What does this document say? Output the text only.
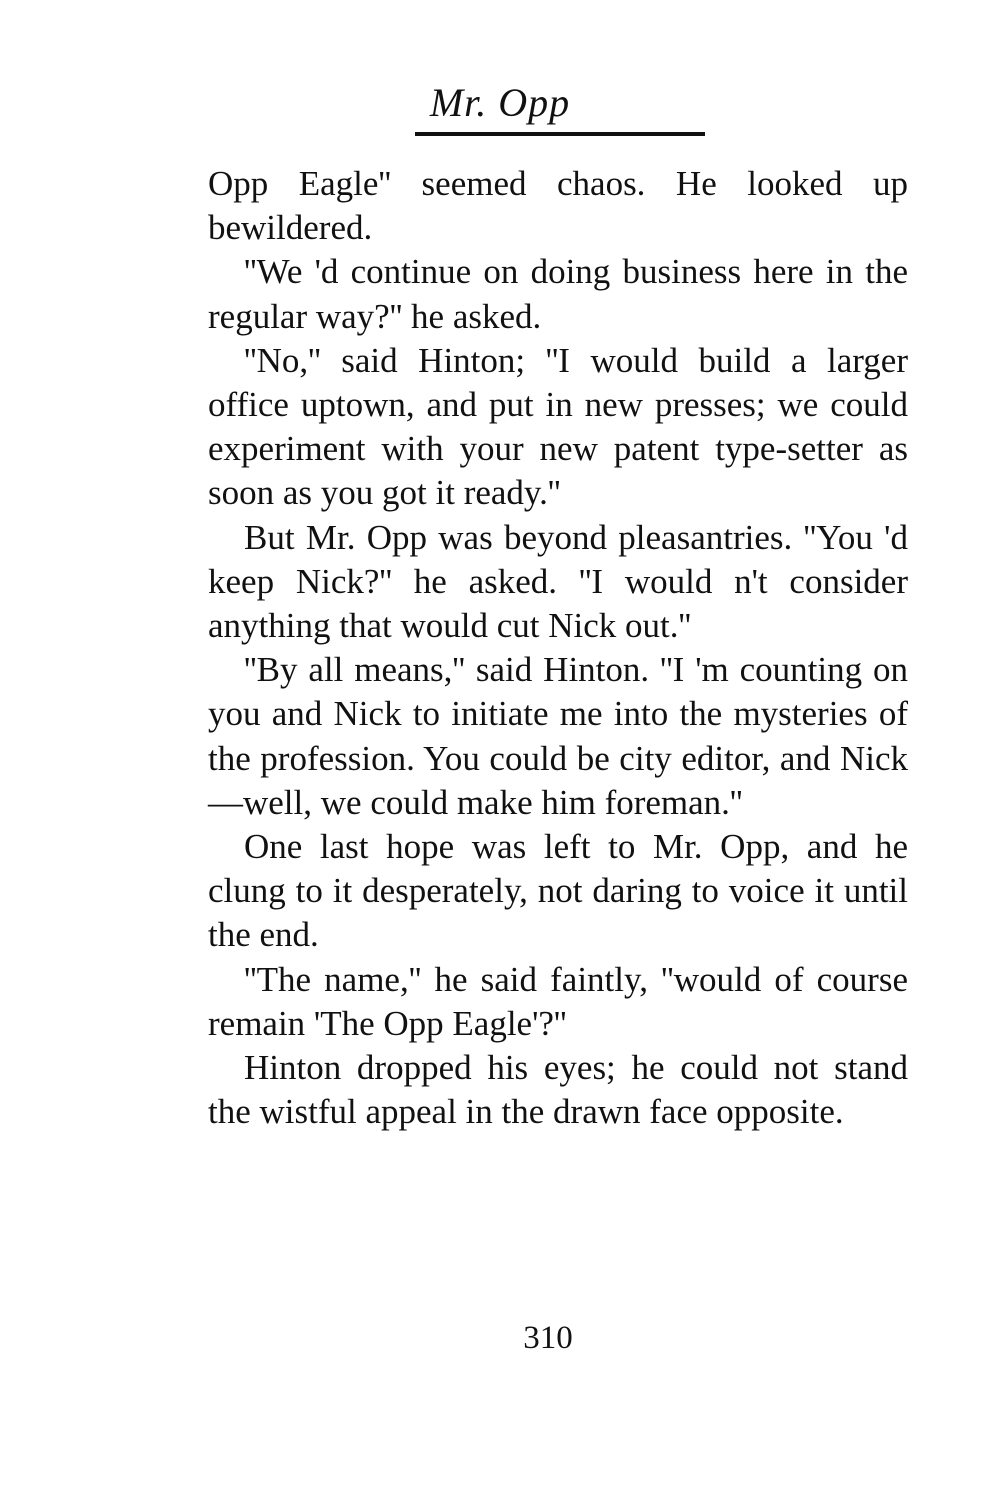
Mr. Opp

Opp Eagle'' seemed chaos. He looked up bewildered.

''We 'd continue on doing business here in the regular way?'' he asked.

''No,'' said Hinton; ''I would build a larger office uptown, and put in new presses; we could experiment with your new patent type-setter as soon as you got it ready.''

But Mr. Opp was beyond pleasantries. ''You 'd keep Nick?'' he asked. ''I would n't consider anything that would cut Nick out.''

''By all means,'' said Hinton. ''I 'm counting on you and Nick to initiate me into the mysteries of the profession. You could be city editor, and Nick—well, we could make him foreman.''

One last hope was left to Mr. Opp, and he clung to it desperately, not daring to voice it until the end.

''The name,'' he said faintly, ''would of course remain 'The Opp Eagle'?''

Hinton dropped his eyes; he could not stand the wistful appeal in the drawn face opposite.

310
